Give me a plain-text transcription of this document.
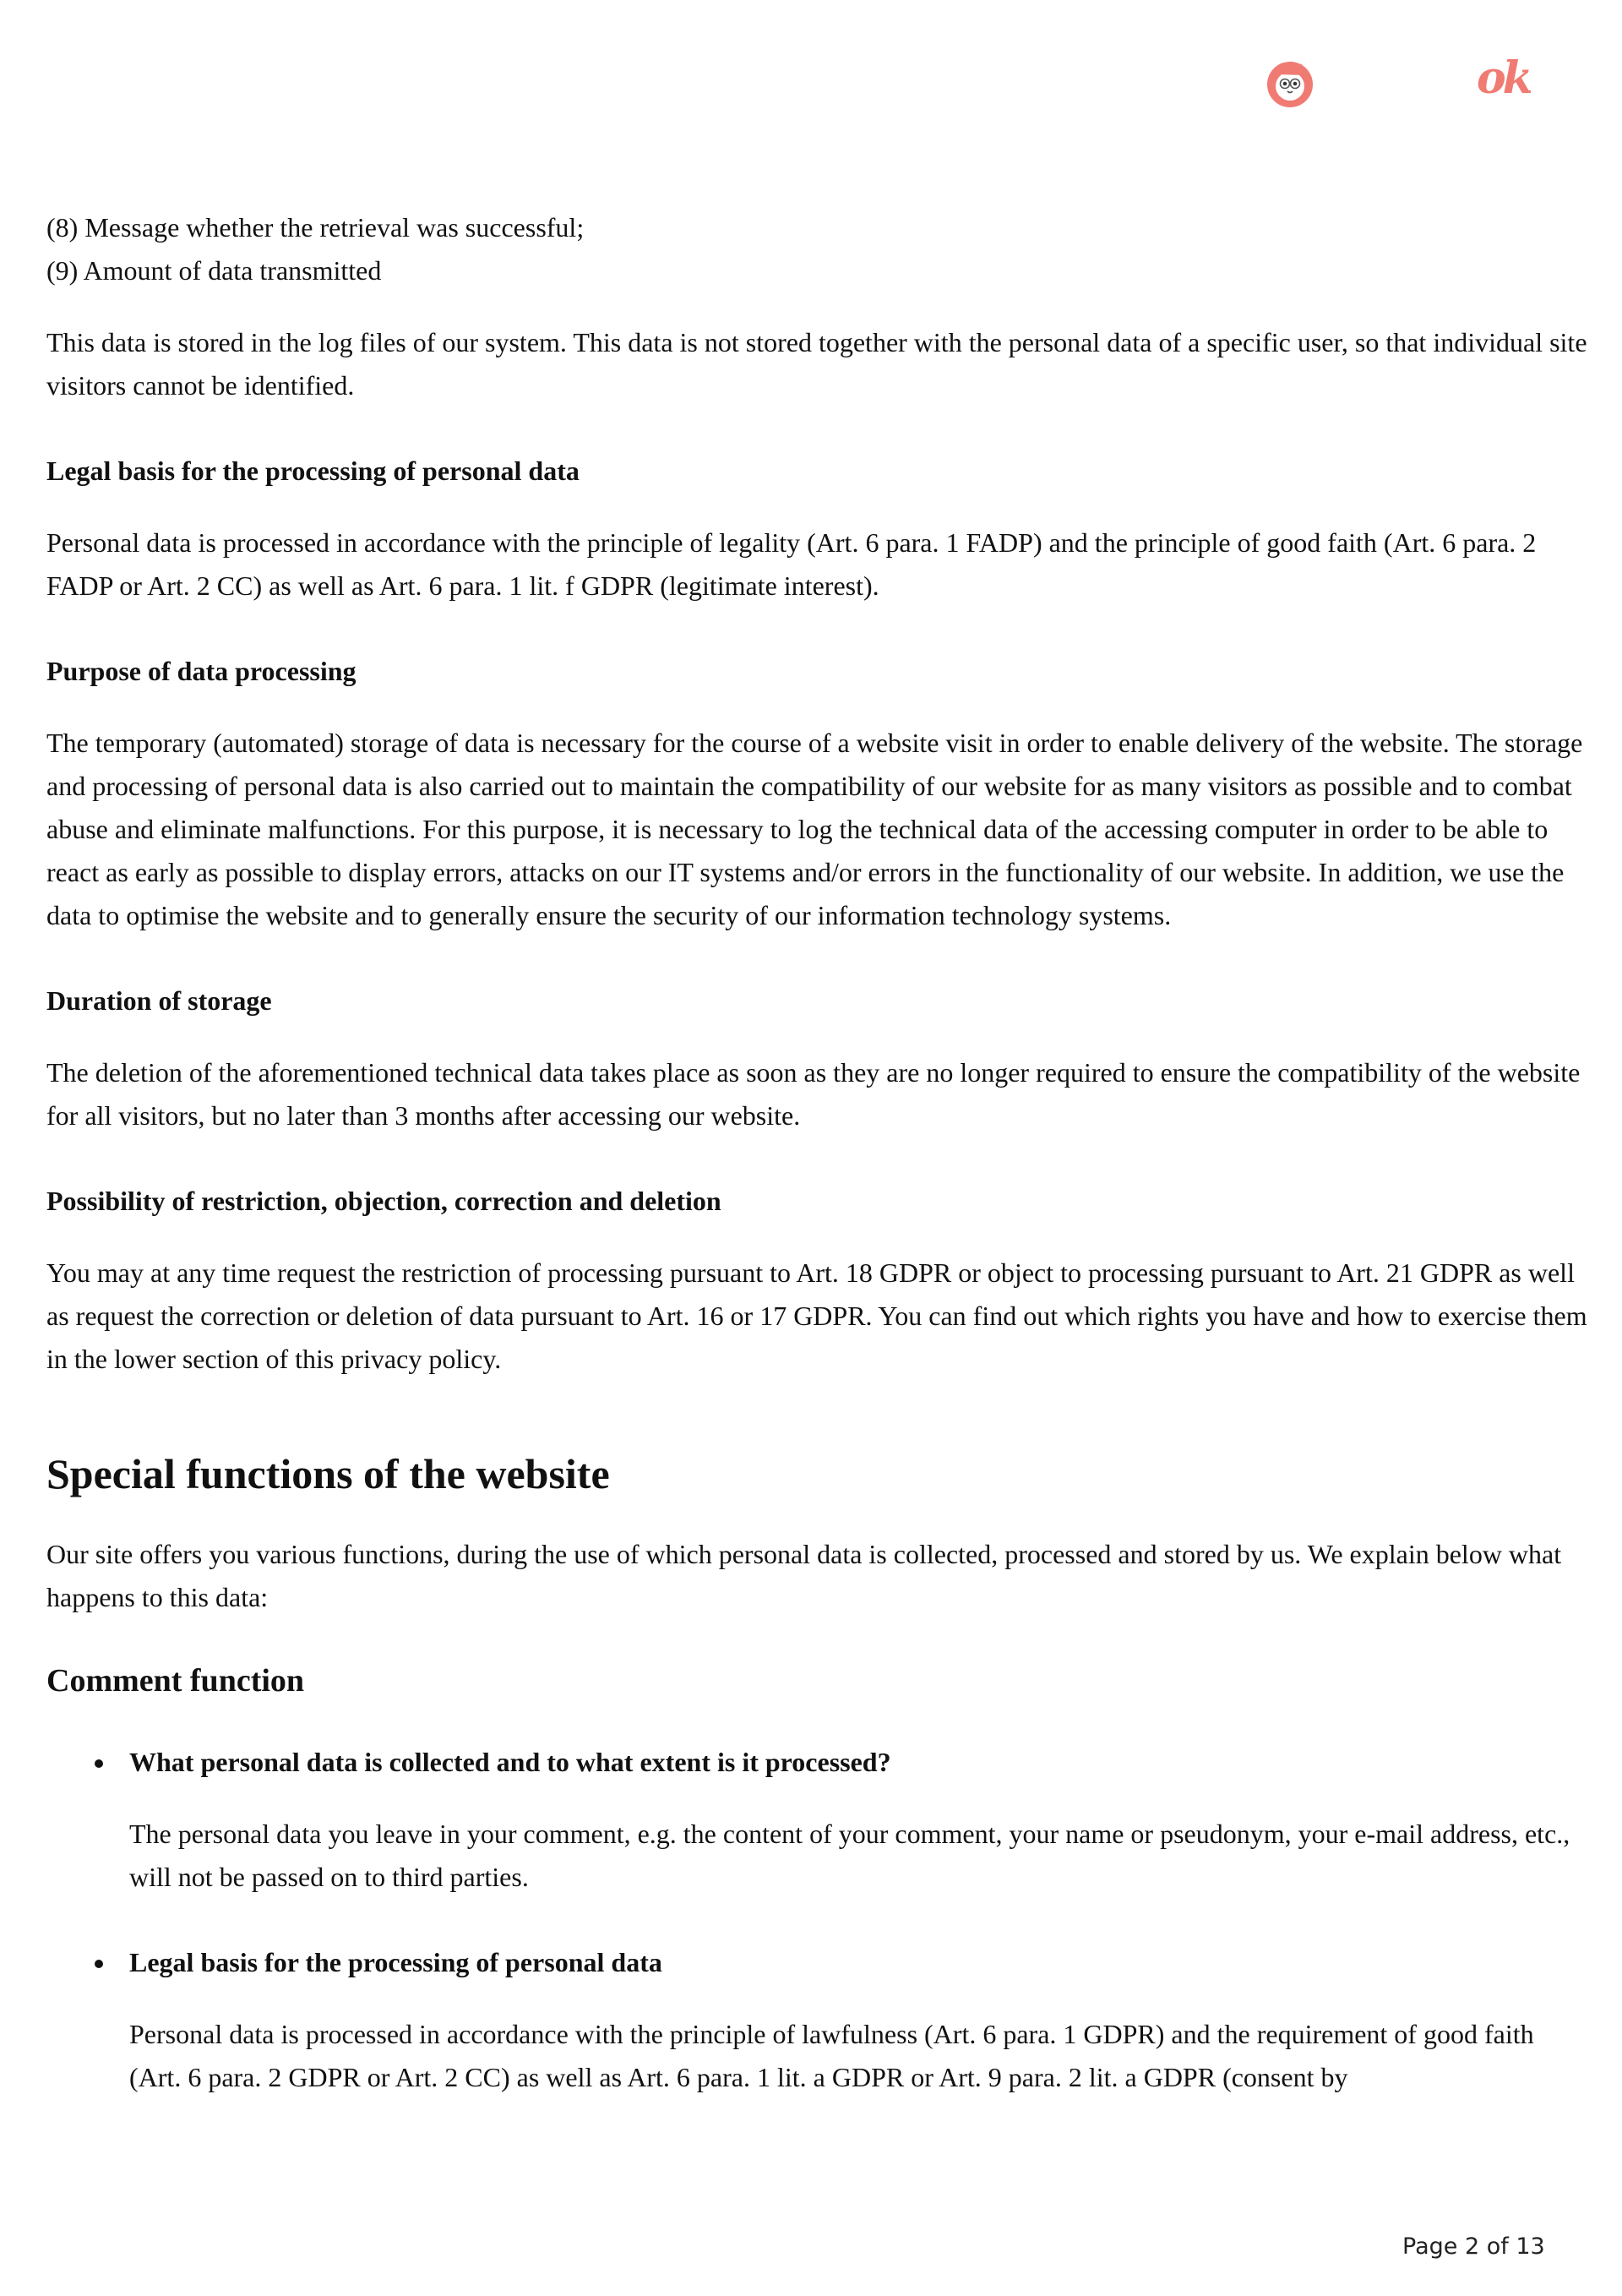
ok

(8) Message whether the retrieval was successful;

(9) Amount of data transmitted

This data is stored in the log files of our system. This data is not stored together with the personal data of a specific user, so that individual site visitors cannot be identified.

Legal basis for the processing of personal data

Personal data is processed in accordance with the principle of legality (Art. 6 para. 1 FADP) and the principle of good faith (Art. 6 para. 2 FADP or Art. 2 CC) as well as Art. 6 para. 1 lit. f GDPR (legitimate interest).

Purpose of data processing

The temporary (automated) storage of data is necessary for the course of a website visit in order to enable delivery of the website. The storage and processing of personal data is also carried out to maintain the compatibility of our website for as many visitors as possible and to combat abuse and eliminate malfunctions. For this purpose, it is necessary to log the technical data of the accessing computer in order to be able to react as early as possible to display errors, attacks on our IT systems and/or errors in the functionality of our website. In addition, we use the data to optimise the website and to generally ensure the security of our information technology systems.

Duration of storage

The deletion of the aforementioned technical data takes place as soon as they are no longer required to ensure the compatibility of the website for all visitors, but no later than 3 months after accessing our website.

Possibility of restriction, objection, correction and deletion

You may at any time request the restriction of processing pursuant to Art. 18 GDPR or object to processing pursuant to Art. 21 GDPR as well as request the correction or deletion of data pursuant to Art. 16 or 17 GDPR. You can find out which rights you have and how to exercise them in the lower section of this privacy policy.

Special functions of the website

Our site offers you various functions, during the use of which personal data is collected, processed and stored by us. We explain below what happens to this data:

Comment function

What personal data is collected and to what extent is it processed?

The personal data you leave in your comment, e.g. the content of your comment, your name or pseudonym, your e-mail address, etc., will not be passed on to third parties.

Legal basis for the processing of personal data

Personal data is processed in accordance with the principle of lawfulness (Art. 6 para. 1 GDPR) and the requirement of good faith (Art. 6 para. 2 GDPR or Art. 2 CC) as well as Art. 6 para. 1 lit. a GDPR or Art. 9 para. 2 lit. a GDPR (consent by

Page 2 of 13
